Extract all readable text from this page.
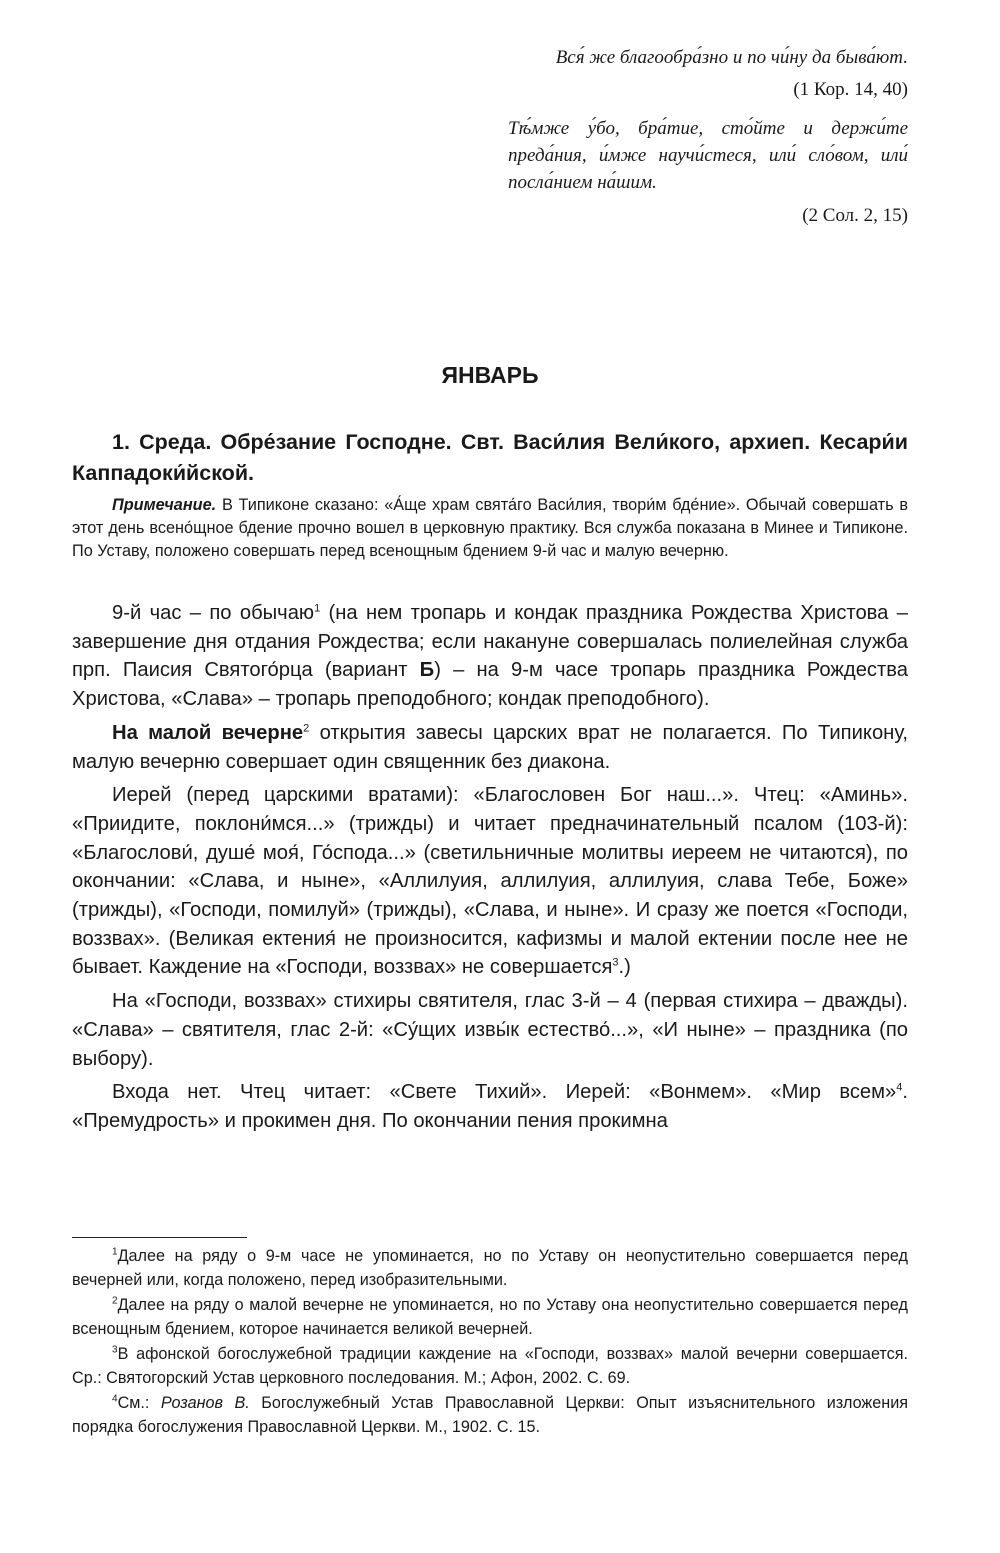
Вся́ же благообра́зно и по чи́ну да быва́ют.
(1 Кор. 14, 40)
Тѣ́мже у́бо, бра́тие, сто́йте и держи́те преда́ния, и́мже научи́стеся, или́ сло́вом, или́ посла́нием на́шим.
(2 Сол. 2, 15)
ЯНВАРЬ

1. Среда. Обре́зание Господне. Свт. Васи́лия Вели́кого, архиеп. Кесари́и Каппадоки́йской.

Примечание. В Типиконе сказано: «А́ще храм свята́го Васи́лия, твори́м бде́ние». Обычай совершать в этот день всено́щное бдение прочно вошел в церковную практику. Вся служба показана в Минее и Типиконе. По Уставу, положено совершать перед всенощным бдением 9-й час и малую вечерню.

9-й час – по обычаю$^1$ (на нем тропарь и кондак праздника Рождества Христова – завершение дня отдания Рождества; если накануне совершалась полиелейная служба прп. Паисия Святого́рца (вариант Б) – на 9-м часе тропарь праздника Рождества Христова, «Слава» – тропарь преподобного; кондак преподобного).

На малой вечерне$^2$ открытия завесы царских врат не полагается. По Типикону, малую вечерню совершает один священник без диакона.

Иерей (перед царскими вратами): «Благословен Бог наш...». Чтец: «Аминь». «Приидите, поклони́мся...» (трижды) и читает предначинательный псалом (103-й): «Благослови́, душе́ моя́, Го́спода...» (светильничные молитвы иереем не читаются), по окончании: «Слава, и ныне», «Аллилуия, аллилуия, аллилуия, слава Тебе, Боже» (трижды), «Господи, помилуй» (трижды), «Слава, и ныне». И сразу же поется «Господи, воззвах». (Великая ектения́ не произносится, кафизмы и малой ектении после нее не бывает. Каждение на «Господи, воззвах» не совершается$^3$.)

На «Господи, воззвах» стихиры святителя, глас 3-й – 4 (первая стихира – дважды). «Слава» – святителя, глас 2-й: «Су́щих извы́к естество́...», «И ныне» – праздника (по выбору).

Входа нет. Чтец читает: «Свете Тихий». Иерей: «Вонмем». «Мир всем»$^4$. «Премудрость» и прокимен дня. По окончании пения прокимна

$^1$Далее на ряду о 9-м часе не упоминается, но по Уставу он неопустительно совершается перед вечерней или, когда положено, перед изобразительными.

$^2$Далее на ряду о малой вечерне не упоминается, но по Уставу она неопустительно совершается перед всенощным бдением, которое начинается великой вечерней.

$^3$В афонской богослужебной традиции каждение на «Господи, воззвах» малой вечерни совершается. Ср.: Святогорский Устав церковного последования. М.; Афон, 2002. С. 69.

$^4$См.: Розанов В. Богослужебный Устав Православной Церкви: Опыт изъяснительного изложения порядка богослужения Православной Церкви. М., 1902. С. 15.
